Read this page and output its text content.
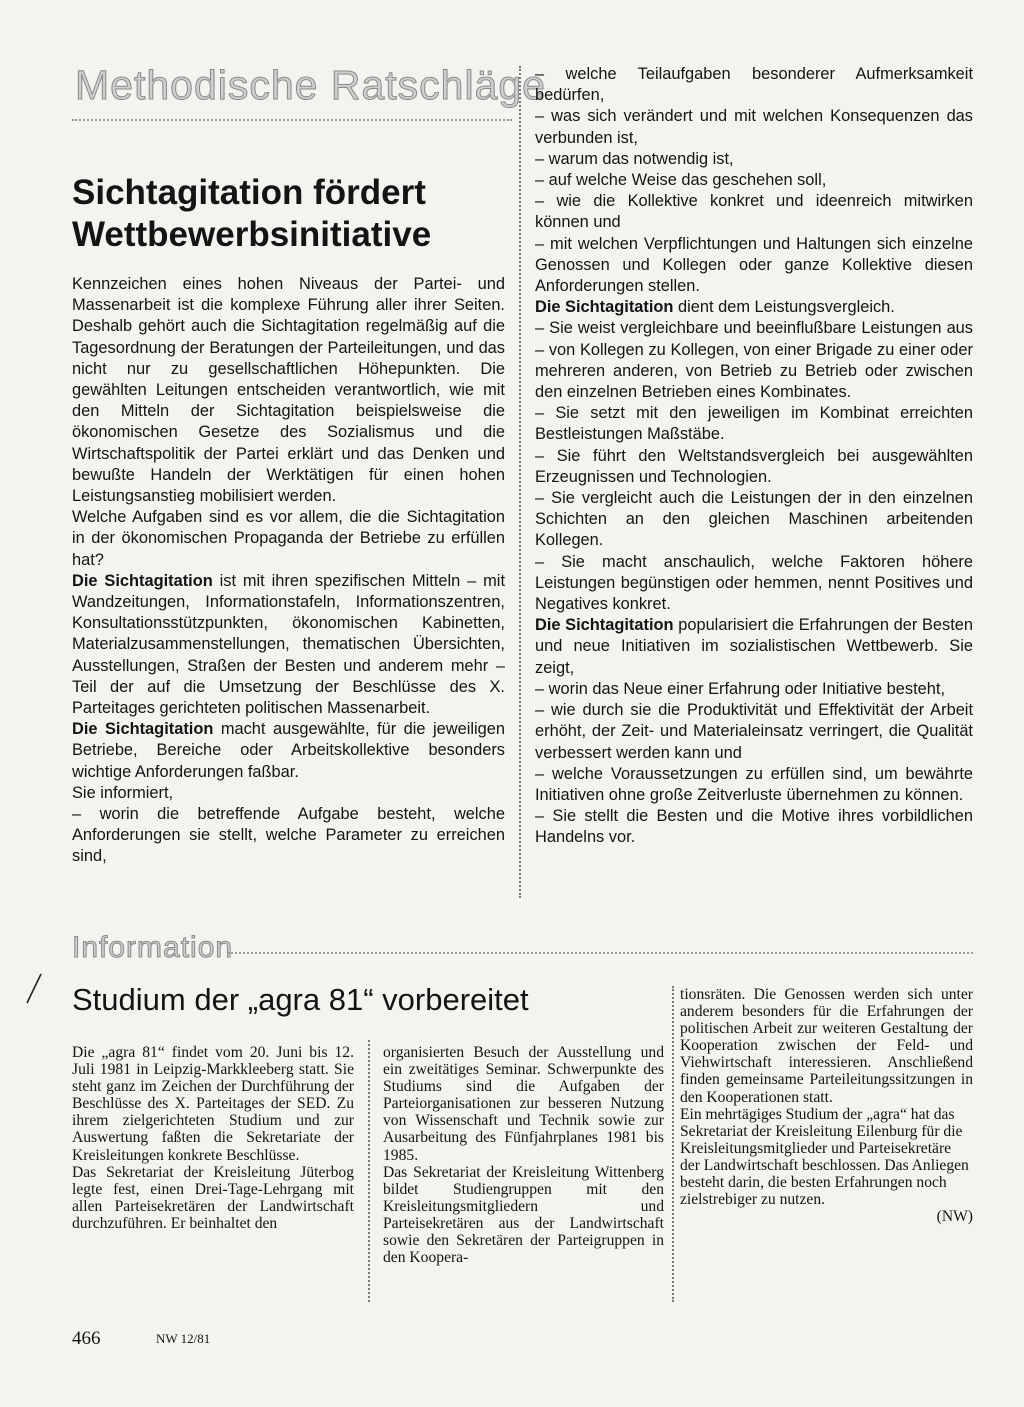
Methodische Ratschläge
Sichtagitation fördert
Wettbewerbsinitiative

Kennzeichen eines hohen Niveaus der Partei- und Massenarbeit ist die komplexe Führung aller ihrer Seiten. Deshalb gehört auch die Sichtagitation regelmäßig auf die Tagesordnung der Beratungen der Parteileitungen, und das nicht nur zu gesellschaftlichen Höhepunkten. Die gewählten Leitungen entscheiden verantwortlich, wie mit den Mitteln der Sichtagitation beispielsweise die ökonomischen Gesetze des Sozialismus und die Wirtschaftspolitik der Partei erklärt und das Denken und bewußte Handeln der Werktätigen für einen hohen Leistungsanstieg mobilisiert werden.

Welche Aufgaben sind es vor allem, die die Sichtagitation in der ökonomischen Propaganda der Betriebe zu erfüllen hat?

Die Sichtagitation ist mit ihren spezifischen Mitteln – mit Wandzeitungen, Informationstafeln, Informationszentren, Konsultationsstützpunkten, ökonomischen Kabinetten, Materialzusammenstellungen, thematischen Übersichten, Ausstellungen, Straßen der Besten und anderem mehr – Teil der auf die Umsetzung der Beschlüsse des X. Parteitages gerichteten politischen Massenarbeit.

Die Sichtagitation macht ausgewählte, für die jeweiligen Betriebe, Bereiche oder Arbeitskollektive besonders wichtige Anforderungen faßbar.

Sie informiert,

– worin die betreffende Aufgabe besteht, welche Anforderungen sie stellt, welche Parameter zu erreichen sind,

– welche Teilaufgaben besonderer Aufmerksamkeit bedürfen,

– was sich verändert und mit welchen Konsequenzen das verbunden ist,

– warum das notwendig ist,

– auf welche Weise das geschehen soll,

– wie die Kollektive konkret und ideenreich mitwirken können und

– mit welchen Verpflichtungen und Haltungen sich einzelne Genossen und Kollegen oder ganze Kollektive diesen Anforderungen stellen.

Die Sichtagitation dient dem Leistungsvergleich.

– Sie weist vergleichbare und beeinflußbare Leistungen aus – von Kollegen zu Kollegen, von einer Brigade zu einer oder mehreren anderen, von Betrieb zu Betrieb oder zwischen den einzelnen Betrieben eines Kombinates.

– Sie setzt mit den jeweiligen im Kombinat erreichten Bestleistungen Maßstäbe.

– Sie führt den Weltstandsvergleich bei ausgewählten Erzeugnissen und Technologien.

– Sie vergleicht auch die Leistungen der in den einzelnen Schichten an den gleichen Maschinen arbeitenden Kollegen.

– Sie macht anschaulich, welche Faktoren höhere Leistungen begünstigen oder hemmen, nennt Positives und Negatives konkret.

Die Sichtagitation popularisiert die Erfahrungen der Besten und neue Initiativen im sozialistischen Wettbewerb. Sie zeigt,

– worin das Neue einer Erfahrung oder Initiative besteht,

– wie durch sie die Produktivität und Effektivität der Arbeit erhöht, der Zeit- und Materialeinsatz verringert, die Qualität verbessert werden kann und

– welche Voraussetzungen zu erfüllen sind, um bewährte Initiativen ohne große Zeitverluste übernehmen zu können.

– Sie stellt die Besten und die Motive ihres vorbildlichen Handelns vor.

Information
Studium der „agra 81“ vorbereitet

Die „agra 81“ findet vom 20. Juni bis 12. Juli 1981 in Leipzig-Markkleeberg statt. Sie steht ganz im Zeichen der Durchführung der Beschlüsse des X. Parteitages der SED. Zu ihrem zielgerichteten Studium und zur Auswertung faßten die Sekretariate der Kreisleitungen konkrete Beschlüsse.

Das Sekretariat der Kreisleitung Jüterbog legte fest, einen Drei-Tage-Lehrgang mit allen Parteisekretären der Landwirtschaft durchzuführen. Er beinhaltet den

organisierten Besuch der Ausstellung und ein zweitätiges Seminar. Schwerpunkte des Studiums sind die Aufgaben der Parteiorganisationen zur besseren Nutzung von Wissenschaft und Technik sowie zur Ausarbeitung des Fünfjahrplanes 1981 bis 1985.

Das Sekretariat der Kreisleitung Wittenberg bildet Studiengruppen mit den Kreisleitungsmitgliedern und Parteisekretären aus der Landwirtschaft sowie den Sekretären der Parteigruppen in den Koopera-

tionsräten. Die Genossen werden sich unter anderem besonders für die Erfahrungen der politischen Arbeit zur weiteren Gestaltung der Kooperation zwischen der Feld- und Viehwirtschaft interessieren. Anschließend finden gemeinsame Parteileitungssitzungen in den Kooperationen statt.

Ein mehrtägiges Studium der „agra“ hat das Sekretariat der Kreisleitung Eilenburg für die Kreisleitungsmitglieder und Parteisekretäre der Landwirtschaft beschlossen. Das Anliegen besteht darin, die besten Erfahrungen noch zielstrebiger zu nutzen.

(NW)

466	NW 12/81
